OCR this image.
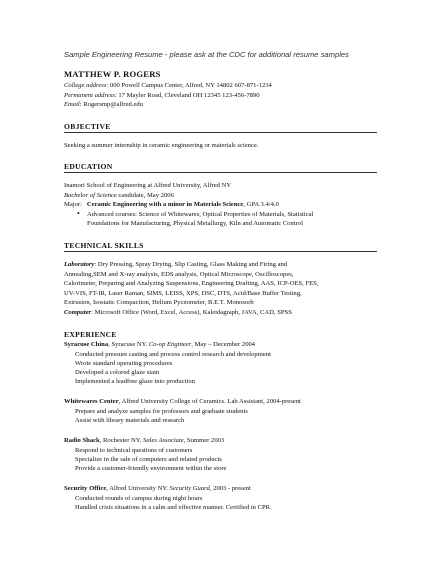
Sample Engineering Resume - please ask at the CDC for additional resume samples
MATTHEW P. ROGERS
College address: 000 Powell Campus Center, Alfred, NY 14802 607-871-1234
Permanent address: 17 Mayler Road, Cleveland OH 12345 123-456-7890
Email: Rogersmp@alfred.edu
OBJECTIVE
Seeking a summer internship in ceramic engineering or materials science.
EDUCATION
Inamori School of Engineering at Alfred University, Alfred NY
Bachelor of Science candidate, May 2006
Major: Ceramic Engineering with a minor in Materials Science, GPA 3.4/4.0
• Advanced courses: Science of Whitewares, Optical Properties of Materials, Statistical
Foundations for Manufacturing, Physical Metallurgy, Kiln and Automatic Control
TECHNICAL SKILLS
Laboratory: Dry Pressing, Spray Drying, Slip Casting, Glass Making and Firing and
Annealing,SEM and X-ray analysis, EDS analysis, Optical Microscope, Oscilloscopes,
Calorimeter, Preparing and Analyzing Suspensions, Engineering Drafting, AAS, ICP-OES, FES,
UV-VIS, FT-IR, Laser Raman, SIMS, LEISS, XPS, DSC, DTS, Acid/Base Buffer Testing,
Extrusion, Isostatic Compaction, Helium Pycnometer, B.E.T. Monosorb
Computer: Microsoft Office (Word, Excel, Access), Kaleidagraph, JAVA, CAD, SPSS
EXPERIENCE
Syracuse China, Syracuse NY. Co-op Engineer, May – December 2004
Conducted pressure casting and process control research and development
Wrote standard operating procedures
Developed a colored glaze stain
Implemented a leadfree glaze into production
Whitewares Center, Alfred University College of Ceramics. Lab Assistant, 2004-present
Prepare and analyze samples for professors and graduate students
Assist with library materials and research
Radio Shack, Rochester NY. Sales Associate, Summer 2003
Respond to technical questions of customers
Specialize in the sale of computers and related products
Provide a customer-friendly environment within the store
Security Office, Alfred University NY. Security Guard, 2003 - present
Conducted rounds of campus during night hours
Handled crisis situations in a calm and effective manner. Certified in CPR.
